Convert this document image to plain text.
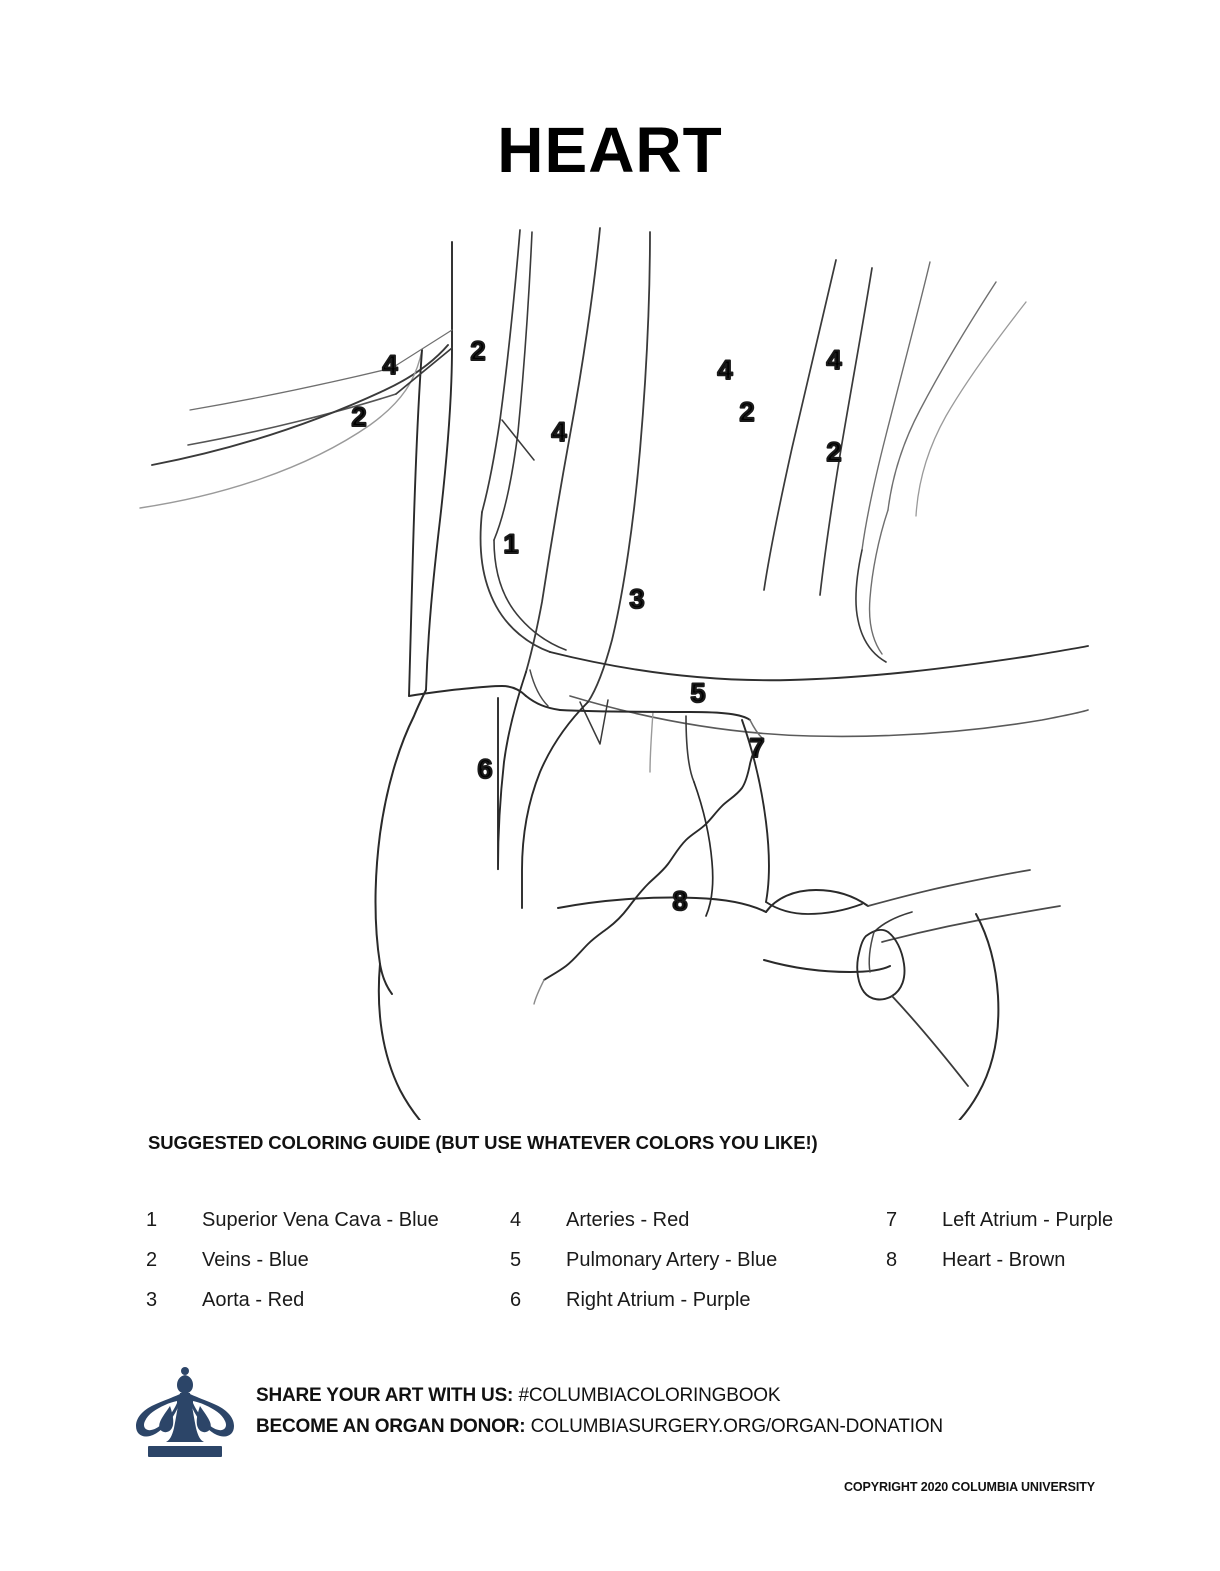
HEART
4	2
2	4
4	4
2
2
1
3
5
7
6
8
SUGGESTED COLORING GUIDE (BUT USE WHATEVER COLORS YOU LIKE!)
1	Superior Vena Cava - Blue
2	Veins - Blue
3	Aorta - Red
4	Arteries - Red
5	Pulmonary Artery - Blue
6	Right Atrium - Purple
7	Left Atrium - Purple
8	Heart - Brown
SHARE YOUR ART WITH US: #COLUMBIACOLORINGBOOK
BECOME AN ORGAN DONOR: COLUMBIASURGERY.ORG/ORGAN-DONATION
COPYRIGHT 2020 COLUMBIA UNIVERSITY
